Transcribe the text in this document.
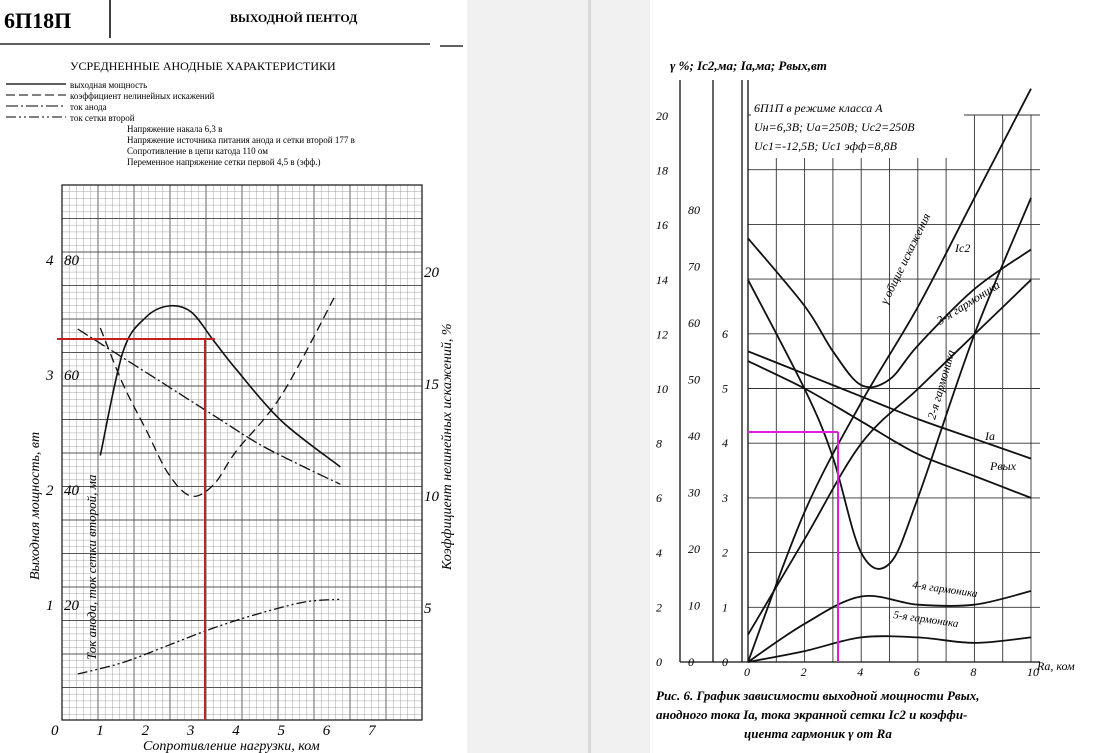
6П18П	ВЫХОДНОЙ ПЕНТОД
УСРЕДНЕННЫЕ АНОДНЫЕ ХАРАКТЕРИСТИКИ
выходная мощность
коэффициент нелинейных искажений
ток анода
ток сетки второй
Напряжение накала 6,3 в
Напряжение источника питания анода и сетки второй 177 в
Сопротивление в цепи катода 110 ом
Переменное напряжение сетки первой 4,5 в (эфф.)
0	1	2	3	4	5	6	7
1
2
3
4
20
40
60
80
5
10
15
20
Выходная мощность, вт	Ток анода, ток сетки второй, ма	Коэффициент нелинейных искажений, %
Сопротивление нагрузки, ком
20
18
16
14
12
10
8
6
4
2
0
80
70
60
50
40
30
20
10
0
6
5
4
3
2
1
0
0	2	4	6	8	10
γ %; Iс2,ма; Iа,ма; Pвых,вт
6П1П в режиме класса А
Uн=6,3В; Ua=250В; Uс2=250В
Uс1=-12,5В; Uс1 эфф=8,8В
γ общие искажения Ic2
3-я гармоника
2-я гармоника
Ia
Pвых
4-я гармоника
5-я гармоника
Rа, ком
Рис. 6. График зависимости выходной мощности Pвых,
анодного тока Iа, тока экранной сетки Ic2 и коэффи-
циента гармоник γ от Rа
